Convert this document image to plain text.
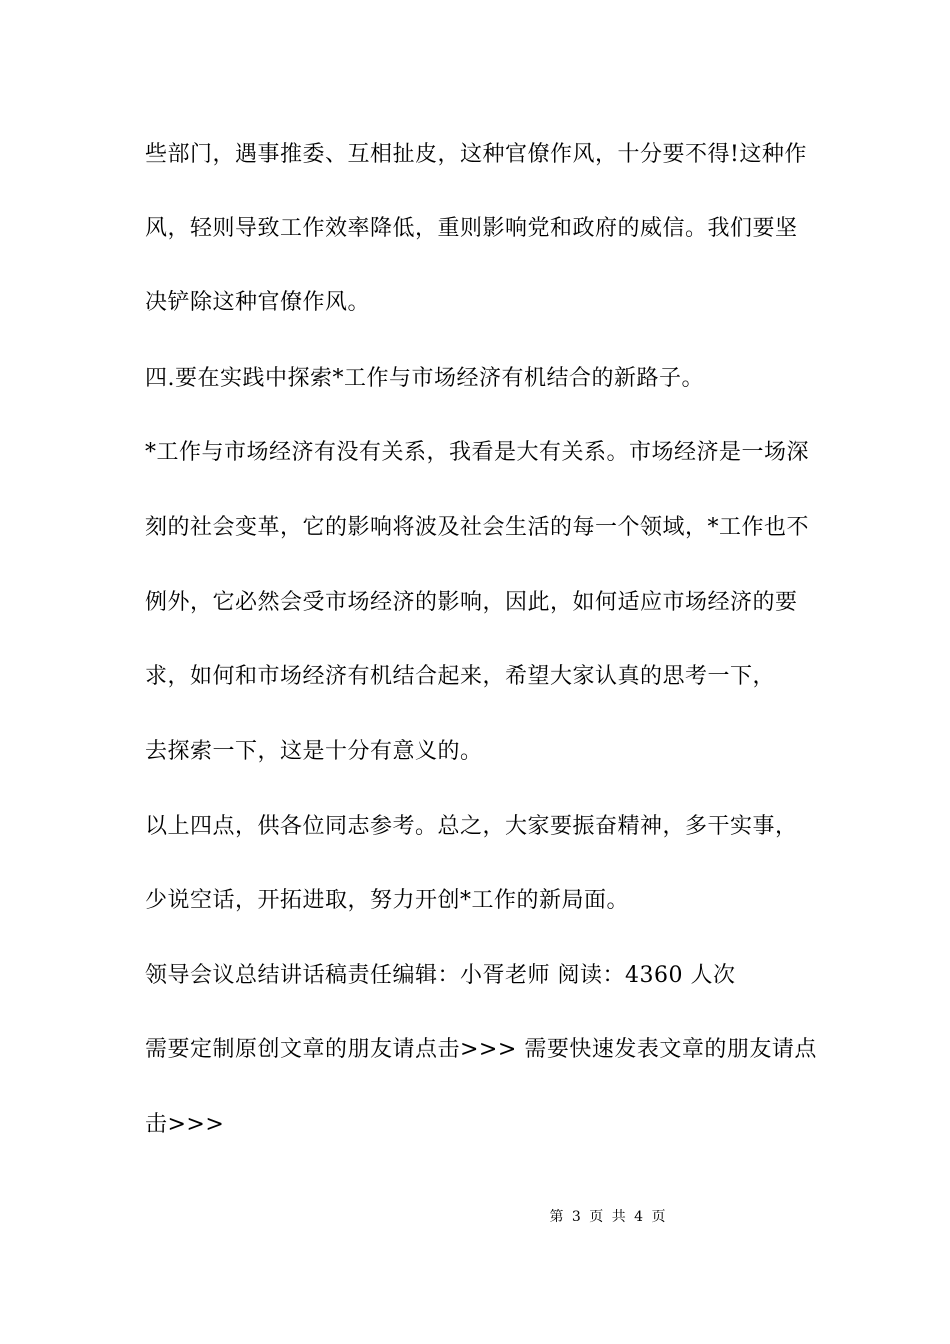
些部门，遇事推委、互相扯皮，这种官僚作风，十分要不得!这种作
风，轻则导致工作效率降低，重则影响党和政府的威信。我们要坚
决铲除这种官僚作风。
四.要在实践中探索*工作与市场经济有机结合的新路子。
*工作与市场经济有没有关系，我看是大有关系。市场经济是一场深
刻的社会变革，它的影响将波及社会生活的每一个领域，*工作也不
例外，它必然会受市场经济的影响，因此，如何适应市场经济的要
求，如何和市场经济有机结合起来，希望大家认真的思考一下，
去探索一下，这是十分有意义的。
以上四点，供各位同志参考。总之，大家要振奋精神，多干实事，
少说空话，开拓进取，努力开创*工作的新局面。
领导会议总结讲话稿责任编辑：小胥老师 阅读：4360 人次
需要定制原创文章的朋友请点击>>> 需要快速发表文章的朋友请点
击>>>
第 3 页 共 4 页
